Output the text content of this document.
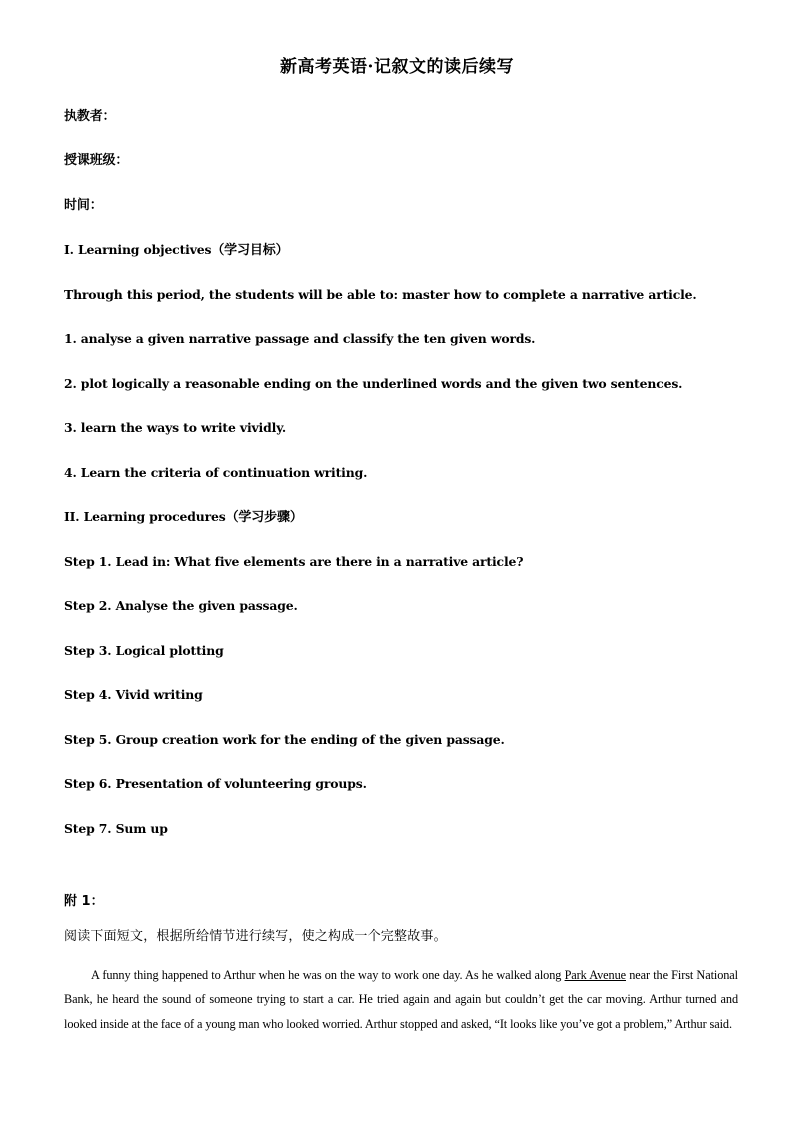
新高考英语·记叙文的读后续写
执教者：
授课班级：
时间：
I. Learning objectives（学习目标）
Through this period, the students will be able to: master how to complete a narrative article.
1. analyse a given narrative passage and classify the ten given words.
2. plot logically a reasonable ending on the underlined words and the given two sentences.
3. learn the ways to write vividly.
4. Learn the criteria of continuation writing.
II. Learning procedures（学习步骤）
Step 1. Lead in: What five elements are there in a narrative article?
Step 2. Analyse the given passage.
Step 3. Logical plotting
Step 4. Vivid writing
Step 5. Group creation work for the ending of the given passage.
Step 6. Presentation of volunteering groups.
Step 7. Sum up
附 1：
阅读下面短文，根据所给情节进行续写，使之构成一个完整故事。

A funny thing happened to Arthur when he was on the way to work one day. As he walked along Park Avenue near the First National Bank, he heard the sound of someone trying to start a car. He tried again and again but couldn’t get the car moving. Arthur turned and looked inside at the face of a young man who looked worried. Arthur stopped and asked, “It looks like you’ve got a problem,” Arthur said.
